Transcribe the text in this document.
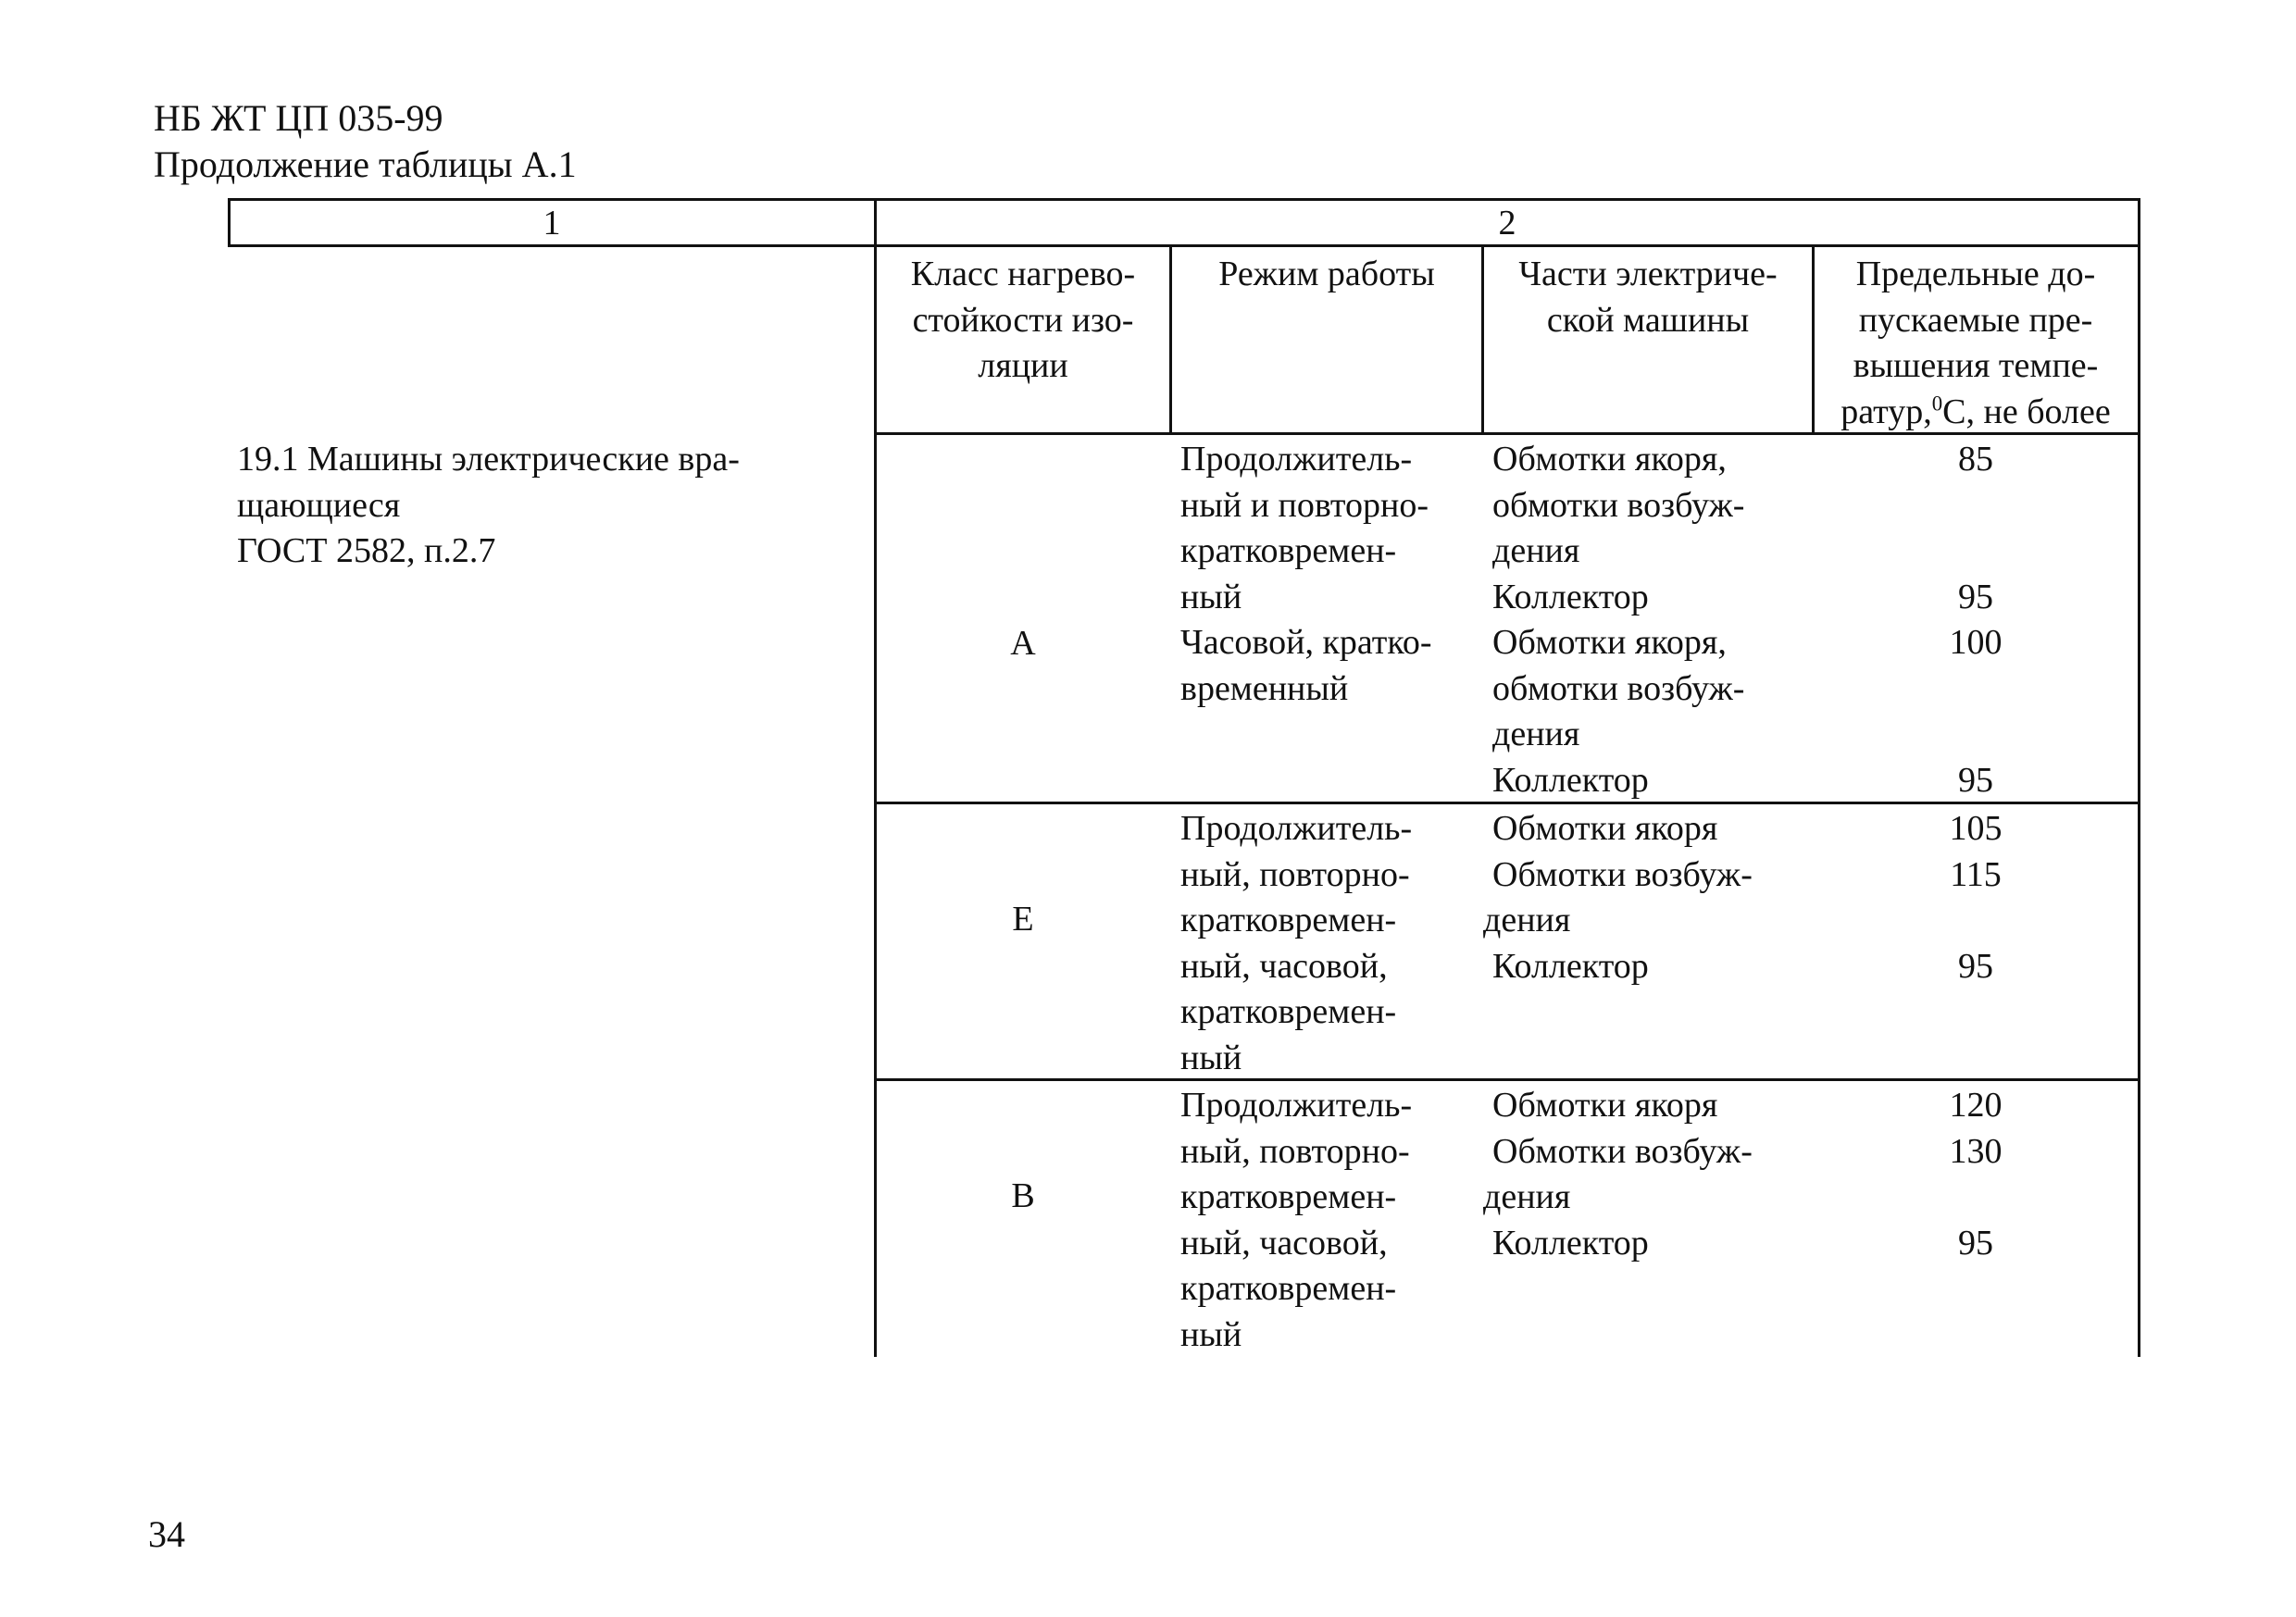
НБ ЖТ ЦП 035-99
Продолжение таблицы А.1
1	2
Класс нагрево-
стойкости изо-
ляции
Режим работы	Части электриче-
ской машины
Предельные до-
пускаемые пре-
вышения темпе-
ратур,$^0$С, не более
19.1 Машины электрические вра-
щающиеся
ГОСТ 2582, п.2.7
А
Продолжитель-
ный и повторно-
кратковремен-
ный
Часовой, кратко-
временный
Обмотки якоря,
обмотки возбуж-
дения
Коллектор
Обмотки якоря,
обмотки возбуж-
дения
Коллектор
85
95
100
95
Е
Продолжитель-
ный, повторно-
кратковремен-
ный, часовой,
кратковремен-
ный
Обмотки якоря
Обмотки возбуж-
дения
Коллектор
105
115
95
В
Продолжитель-
ный, повторно-
кратковремен-
ный, часовой,
кратковремен-
ный
Обмотки якоря
Обмотки возбуж-
дения
Коллектор
120
130
95
34
